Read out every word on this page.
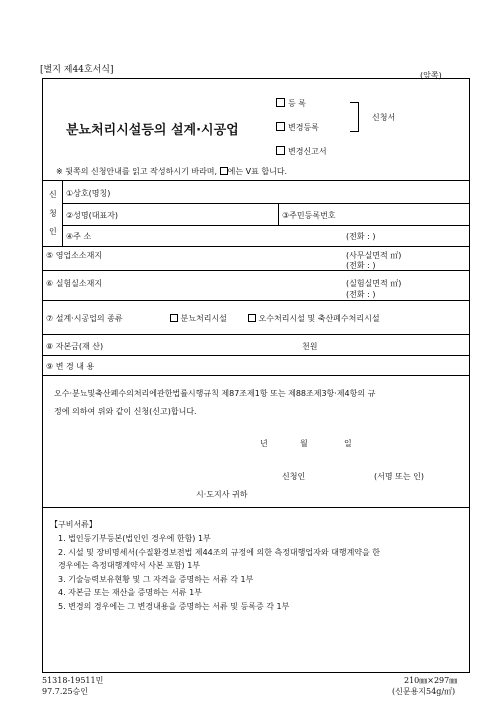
[별지 제44호서식]
(앞쪽)
분뇨처리시설등의 설계·시공업
등 록
변경등록
변경신고서
신청서
※ 뒷쪽의 신청안내를 읽고 작성하시기 바라며, 에는 V표 합니다.
신
청
인
①상호(명칭)
②성명(대표자)	③주민등록번호
④주 소	(전화 : )
⑤ 영업소소재지	(사무실면적 ㎡)
(전화 : )
⑥ 실험실소재지	(실험실면적 ㎡)
(전화 : )
⑦ 설계·시공업의 종류	분뇨처리시설	오수처리시설 및 축산폐수처리시설
⑧ 자본금(재 산)	천원
⑨ 변 경 내 용
오수·분뇨및축산폐수의처리에관한법률시행규칙 제87조제1항 또는 제88조제3항·제4항의 규
정에 의하여 위와 같이 신청(신고)합니다.
년	월	일
신청인	(서명 또는 인)
시·도지사 귀하
【구비서류】
1. 법인등기부등본(법인인 경우에 한함) 1부
2. 시설 및 장비명세서(수질환경보전법 제44조의 규정에 의한 측정대행업자와 대행계약을 한
경우에는 측정대행계약서 사본 포함) 1부
3. 기술능력보유현황 및 그 자격을 증명하는 서류 각 1부
4. 자본금 또는 재산을 증명하는 서류 1부
5. 변경의 경우에는 그 변경내용을 증명하는 서류 및 등록증 각 1부
51318-19511민
97.7.25승인
210㎜×297㎜
(신문용지54g/㎡)
